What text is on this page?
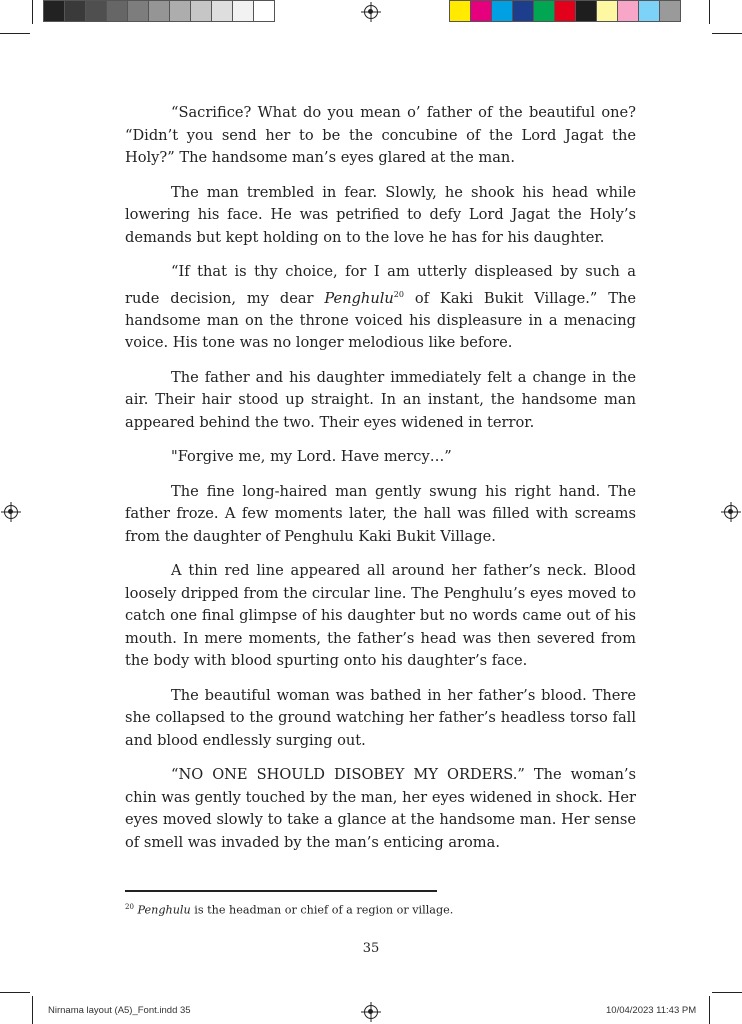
“Sacrifice? What do you mean o’ father of the beautiful one? “Didn’t you send her to be the concubine of the Lord Jagat the Holy?” The handsome man’s eyes glared at the man.

The man trembled in fear. Slowly, he shook his head while lowering his face. He was petrified to defy Lord Jagat the Holy’s demands but kept holding on to the love he has for his daughter.

“If that is thy choice, for I am utterly displeased by such a rude decision, my dear Penghulu$^{20}$ of Kaki Bukit Village.” The handsome man on the throne voiced his displeasure in a menacing voice. His tone was no longer melodious like before.

The father and his daughter immediately felt a change in the air. Their hair stood up straight. In an instant, the handsome man appeared behind the two. Their eyes widened in terror.

"Forgive me, my Lord. Have mercy…”

The fine long-haired man gently swung his right hand. The father froze. A few moments later, the hall was filled with screams from the daughter of Penghulu Kaki Bukit Village.

A thin red line appeared all around her father’s neck. Blood loosely dripped from the circular line. The Penghulu’s eyes moved to catch one final glimpse of his daughter but no words came out of his mouth. In mere moments, the father’s head was then severed from the body with blood spurting onto his daughter’s face.

The beautiful woman was bathed in her father’s blood. There she collapsed to the ground watching her father’s headless torso fall and blood endlessly surging out.

“NO ONE SHOULD DISOBEY MY ORDERS.” The woman’s chin was gently touched by the man, her eyes widened in shock. Her eyes moved slowly to take a glance at the handsome man. Her sense of smell was invaded by the man’s enticing aroma.

$^{20}$ Penghulu is the headman or chief of a region or village.
35
Nirnama layout (A5)_Font.indd 35	10/04/2023 11:43 PM
